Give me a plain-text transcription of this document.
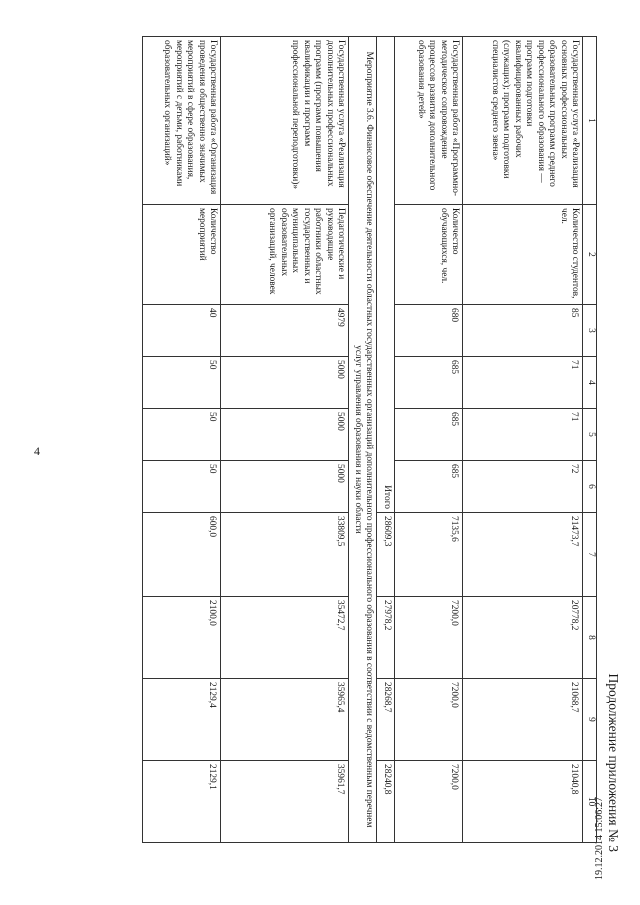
4
19.12.2014 15:06:27 Продолжение приложения № 3
1	2	3	4	5	6	7	8	9	10
Государственная услуга «Реализация основных профессиональных образовательных программ среднего профессионального образования — программ подготовки квалифицированных рабочих (служащих); программ подготовки специалистов среднего звена»	Количество студентов, чел.	85	71	71	72	21473,7	20778,2	21068,7	21040,8
Государственная работа «Программно-методическое сопровождение процессов развития дополнительного образования детей»	Количество обучающихся, чел.	680	685	685	685	7135,6	7200,0	7200,0	7200,0
Итого						28609,3	27978,2	28268,7	28240,8
Мероприятие 3.6. Финансовое обеспечение деятельности областных государственных организаций дополнительного профессионального образования в соответствии с ведомственным перечнем услуг управления образования и науки области									
Государственная услуга «Реализация дополнительных профессиональных программ (программ повышения квалификации и программ профессиональной переподготовки)»	Педагогические и руководящие работники областных государственных и муниципальных образовательных организаций, человек	4979	5000	5000	5000	33809,5	35472,7	35965,4	35961,7
Государственная работа «Организация проведения общественно значимых мероприятий в сфере образования, мероприятий с детьми, работниками образовательных организаций»	Количество мероприятий	40	50	50	50	600,0	2100,0	2129,4	2129,1
